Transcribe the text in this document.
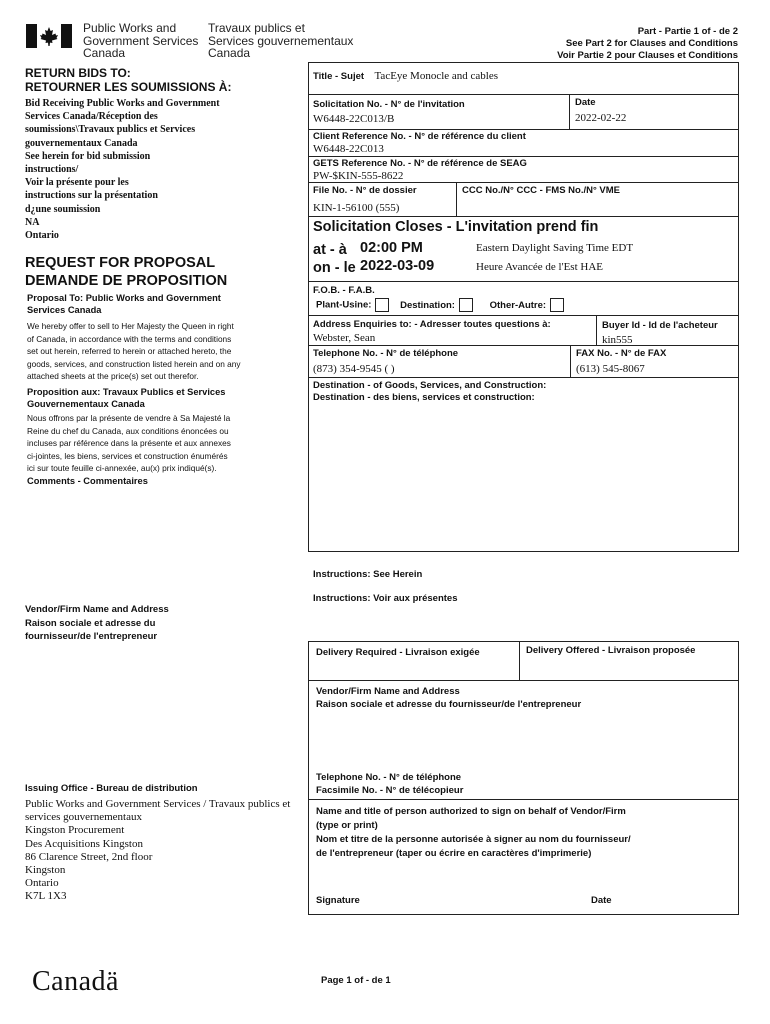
Public Works and
Government Services
Canada
Travaux publics et
Services gouvernementaux
Canada
Part - Partie 1 of - de 2
See Part 2 for Clauses and Conditions
Voir Partie 2 pour Clauses et Conditions
RETURN BIDS TO:
RETOURNER LES SOUMISSIONS À:
Bid Receiving Public Works and Government
Services Canada/Réception des
soumissions\Travaux publics et Services
gouvernementaux Canada
See herein for bid submission
instructions/
Voir la présente pour les
instructions sur la présentation
d¿une soumission
NA
Ontario
REQUEST FOR PROPOSAL
DEMANDE DE PROPOSITION
Proposal To: Public Works and Government Services Canada
We hereby offer to sell to Her Majesty the Queen in right
of Canada, in accordance with the terms and conditions
set out herein, referred to herein or attached hereto, the
goods, services, and construction listed herein and on any
attached sheets at the price(s) set out therefor.
Proposition aux: Travaux Publics et Services Gouvernementaux Canada
Nous offrons par la présente de vendre à Sa Majesté la
Reine du chef du Canada, aux conditions énoncées ou
incluses par référence dans la présente et aux annexes
ci-jointes, les biens, services et construction énumérés
ici sur toute feuille ci-annexée, au(x) prix indiqué(s).
Comments - Commentaires
Vendor/Firm Name and Address
Raison sociale et adresse du
fournisseur/de l'entrepreneur
Issuing Office - Bureau de distribution
Public Works and Government Services / Travaux publics et
services gouvernementaux
Kingston Procurement
Des Acquisitions Kingston
86 Clarence Street, 2nd floor
Kingston
Ontario
K7L 1X3
Title - Sujet TacEye Monocle and cables
Solicitation No. - N° de l'invitation
W6448-22C013/B
Date
2022-02-22
Client Reference No. - N° de référence du client
W6448-22C013
GETS Reference No. - N° de référence de SEAG
PW-$KIN-555-8622
File No. - N° de dossier
KIN-1-56100 (555)
CCC No./N° CCC - FMS No./N° VME
Solicitation Closes - L'invitation prend fin
at - à 02:00 PM	Eastern Daylight Saving Time EDT
on - le 2022-03-09	Heure Avancée de l'Est HAE
F.O.B. - F.A.B.
Plant-Usine:	Destination:	Other-Autre:
Address Enquiries to: - Adresser toutes questions à:
Webster, Sean
Buyer Id - Id de l'acheteur
kin555
Telephone No. - N° de téléphone
(873) 354-9545 ( )
FAX No. - N° de FAX
(613) 545-8067
Destination - of Goods, Services, and Construction:
Destination - des biens, services et construction:
Instructions: See Herein
Instructions: Voir aux présentes
Delivery Required - Livraison exigée	Delivery Offered - Livraison proposée
Vendor/Firm Name and Address
Raison sociale et adresse du fournisseur/de l'entrepreneur
Telephone No. - N° de téléphone
Facsimile No. - N° de télécopieur
Name and title of person authorized to sign on behalf of Vendor/Firm
(type or print)
Nom et titre de la personne autorisée à signer au nom du fournisseur/
de l'entrepreneur (taper ou écrire en caractères d'imprimerie)
Signature	Date
Canadä	Page 1 of - de 1
